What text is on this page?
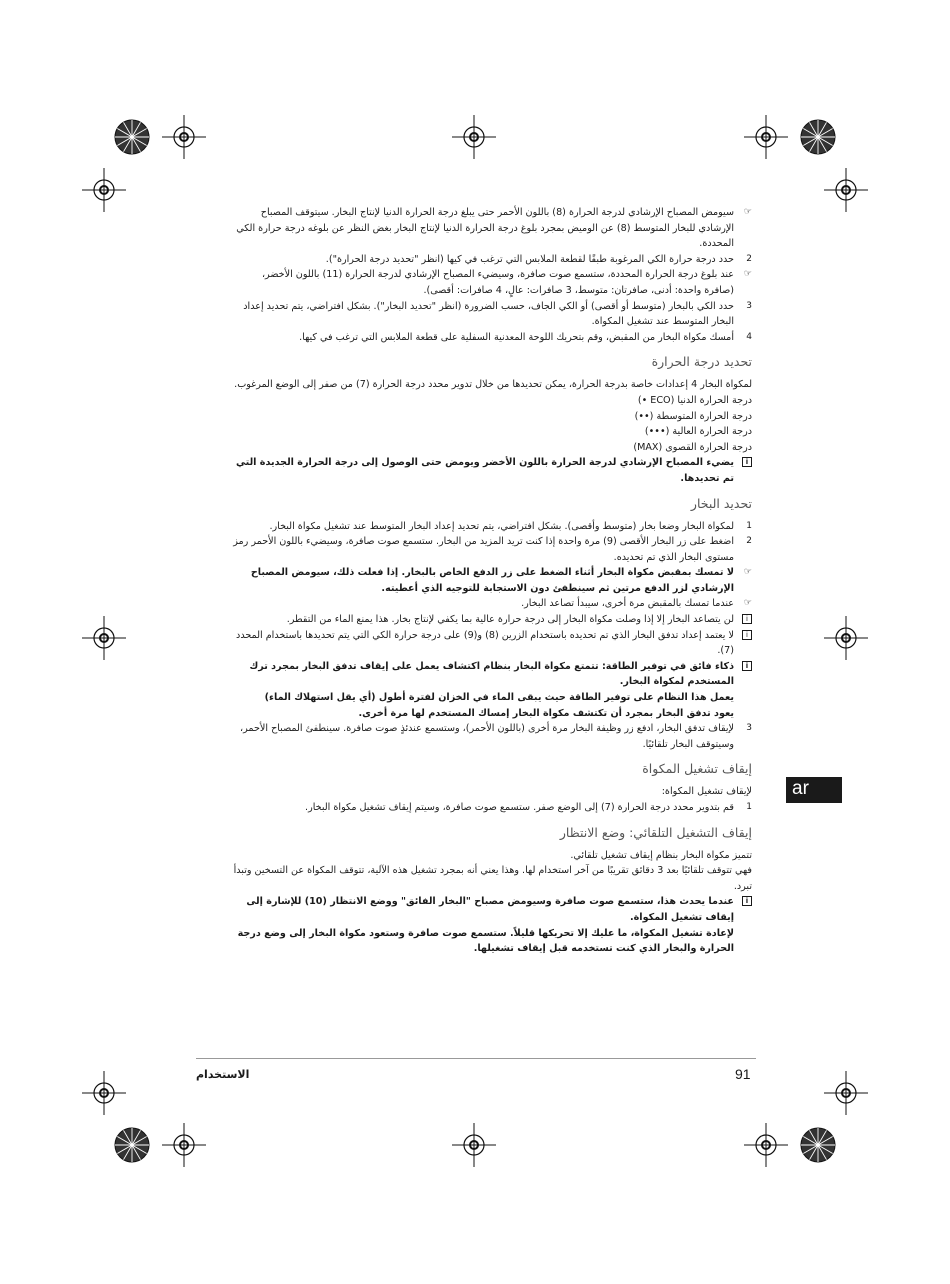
☞
سيومض المصباح الإرشادي لدرجة الحرارة (8) باللون الأحمر حتى يبلغ درجة الحرارة الدنيا لإنتاج البخار. سيتوقف المصباح الإرشادي للبخار المتوسط (8) عن الوميض بمجرد بلوغ درجة الحرارة الدنيا لإنتاج البخار بغض النظر عن بلوغه درجة حرارة الكي المحددة.
2
حدد درجة حرارة الكي المرغوبة طبقًا لقطعة الملابس التي ترغب في كيها (انظر "تحديد درجة الحرارة").
☞
عند بلوغ درجة الحرارة المحددة، ستسمع صوت صافرة، وسيضيء المصباح الإرشادي لدرجة الحرارة (11) باللون الأخضر، (صافرة واحدة: أدنى، صافرتان: متوسط، 3 صافرات: عالٍ، 4 صافرات: أقصى).
3
حدد الكي بالبخار (متوسط أو أقصى) أو الكي الجاف، حسب الضرورة (انظر "تحديد البخار"). بشكل افتراضي، يتم تحديد إعداد البخار المتوسط عند تشغيل المكواة.
4
أمسك مكواة البخار من المقبض، وقم بتحريك اللوحة المعدنية السفلية على قطعة الملابس التي ترغب في كيها.
تحديد درجة الحرارة

لمكواة البخار 4 إعدادات خاصة بدرجة الحرارة، يمكن تحديدها من خلال تدوير محدد درجة الحرارة (7) من صفر إلى الوضع المرغوب.

درجة الحرارة الدنيا (ECO •)
درجة الحرارة المتوسطة (••)
درجة الحرارة العالية (•••)
درجة الحرارة القصوى (MAX)
i
يضيء المصباح الإرشادي لدرجة الحرارة باللون الأخضر ويومض حتى الوصول إلى درجة الحرارة الجديدة التي تم تحديدها.
تحديد البخار
1
لمكواة البخار وضعا بخار (متوسط وأقصى). بشكل افتراضي، يتم تحديد إعداد البخار المتوسط عند تشغيل مكواة البخار.
2
اضغط على زر البخار الأقصى (9) مرة واحدة إذا كنت تريد المزيد من البخار. ستسمع صوت صافرة، وسيضيء باللون الأحمر رمز مستوى البخار الذي تم تحديده.
☞
لا تمسك بمقبض مكواة البخار أثناء الضغط على زر الدفع الخاص بالبخار. إذا فعلت ذلك، سيومض المصباح الإرشادي لزر الدفع مرتين ثم سينطفئ دون الاستجابة للتوجيه الذي أعطيته.
☞
عندما تمسك بالمقبض مرة أخرى، سيبدأ تصاعد البخار.
i
لن يتصاعد البخار إلا إذا وصلت مكواة البخار إلى درجة حرارة عالية بما يكفي لإنتاج بخار. هذا يمنع الماء من التقطر.
i
لا يعتمد إعداد تدفق البخار الذي تم تحديده باستخدام الزرين (8) و(9) على درجة حرارة الكي التي يتم تحديدها باستخدام المحدد (7).
i
ذكاء فائق في توفير الطاقة: تتمتع مكواة البخار بنظام اكتشاف يعمل على إيقاف تدفق البخار بمجرد ترك المستخدم لمكواة البخار.
يعمل هذا النظام على توفير الطاقة حيث يبقى الماء في الخزان لفترة أطول (أي يقل استهلاك الماء)
يعود تدفق البخار بمجرد أن تكتشف مكواة البخار إمساك المستخدم لها مرة أخرى.
3
لإيقاف تدفق البخار، ادفع زر وظيفة البخار مرة أخرى (باللون الأحمر)، وستسمع عندئذٍ صوت صافرة. سينطفئ المصباح الأحمر، وسيتوقف البخار تلقائيًا.
إيقاف تشغيل المكواة

لإيقاف تشغيل المكواة:

1
قم بتدوير محدد درجة الحرارة (7) إلى الوضع صفر. ستسمع صوت صافرة، وسيتم إيقاف تشغيل مكواة البخار.
إيقاف التشغيل التلقائي: وضع الانتظار

تتميز مكواة البخار بنظام إيقاف تشغيل تلقائي.

فهي تتوقف تلقائيًا بعد 3 دقائق تقريبًا من آخر استخدام لها. وهذا يعني أنه بمجرد تشغيل هذه الآلية، تتوقف المكواة عن التسخين وتبدأ تبرد.

i
عندما يحدث هذا، ستسمع صوت صافرة وسيومض مصباح "البخار الفائق" ووضع الانتظار (10) للإشارة إلى إيقاف تشغيل المكواة.
لإعادة تشغيل المكواة، ما عليك إلا تحريكها قليلاً. ستسمع صوت صافرة وستعود مكواة البخار إلى وضع درجة الحرارة والبخار الذي كنت تستخدمه قبل إيقاف تشغيلها.
ar
الاستخدام	91
